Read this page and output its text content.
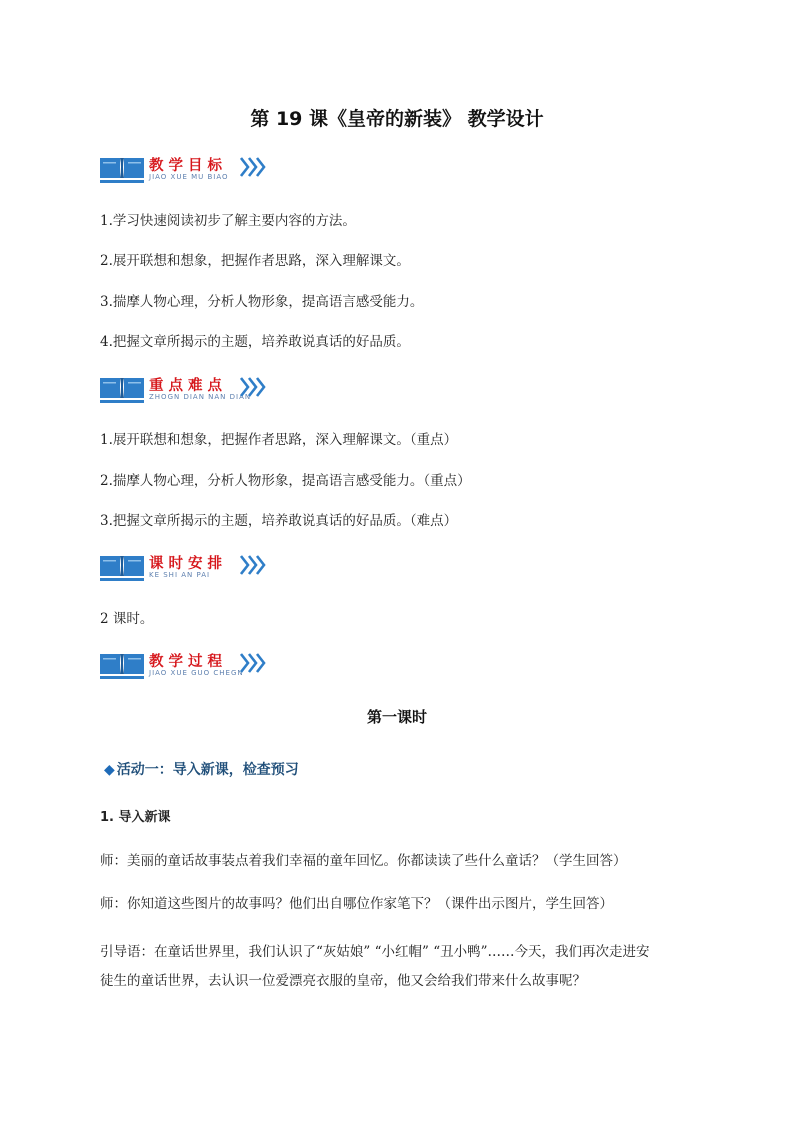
第 19 课《皇帝的新装》 教学设计
教学目标
JIAO XUE MU BIAO
1.学习快速阅读初步了解主要内容的方法。
2.展开联想和想象，把握作者思路，深入理解课文。
3.揣摩人物心理，分析人物形象，提高语言感受能力。
4.把握文章所揭示的主题，培养敢说真话的好品质。
重点难点
ZHOGN DIAN NAN DIAN
1.展开联想和想象，把握作者思路，深入理解课文。（重点）
2.揣摩人物心理，分析人物形象，提高语言感受能力。（重点）
3.把握文章所揭示的主题，培养敢说真话的好品质。（难点）
课时安排
KE SHI AN PAI
2 课时。
教学过程
JIAO XUE GUO CHEGN
第一课时
◆ 活动一：导入新课，检查预习
1. 导入新课
师：美丽的童话故事装点着我们幸福的童年回忆。你都读读了些什么童话？（学生回答）
师：你知道这些图片的故事吗？他们出自哪位作家笔下？（课件出示图片，学生回答）
引导语：在童话世界里，我们认识了“灰姑娘” “小红帽” “丑小鸭”……今天，我们再次走进安
徒生的童话世界，去认识一位爱漂亮衣服的皇帝，他又会给我们带来什么故事呢？
